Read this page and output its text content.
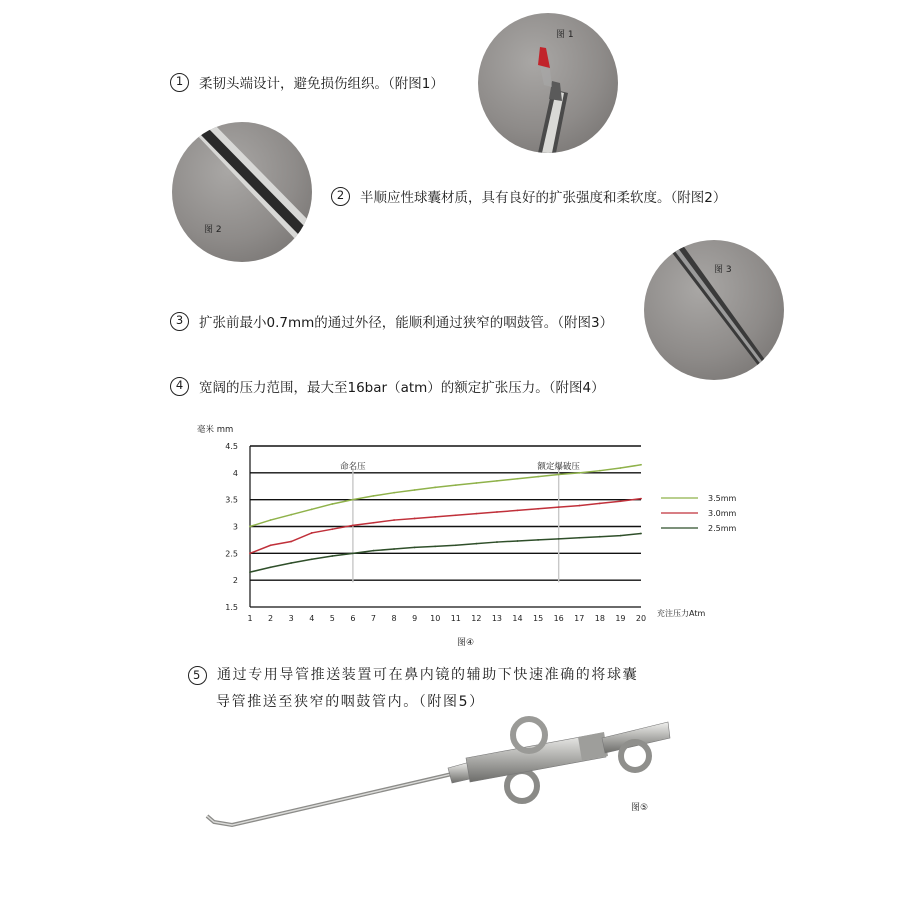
1	柔韧头端设计，避免损伤组织。（附图1）
图 1
图 2
2	半顺应性球囊材质，具有良好的扩张强度和柔软度。（附图2）
图 3
3	扩张前最小0.7mm的通过外径，能顺利通过狭窄的咽鼓管。（附图3）
4	宽阔的压力范围，最大至16bar（atm）的额定扩张压力。（附图4）
1.5
2
2.5
3
3.5
4
4.5
1 2 3 4 5 6 7 8 9 10 11 12 13 14 15 16 17 18 19 20
毫米 mm
充注压力Atm
图④
命名压	额定爆破压
3.5mm
3.0mm
2.5mm
5	通过专用导管推送装置可在鼻内镜的辅助下快速准确的将球囊
导管推送至狭窄的咽鼓管内。（附图5）
图⑤
